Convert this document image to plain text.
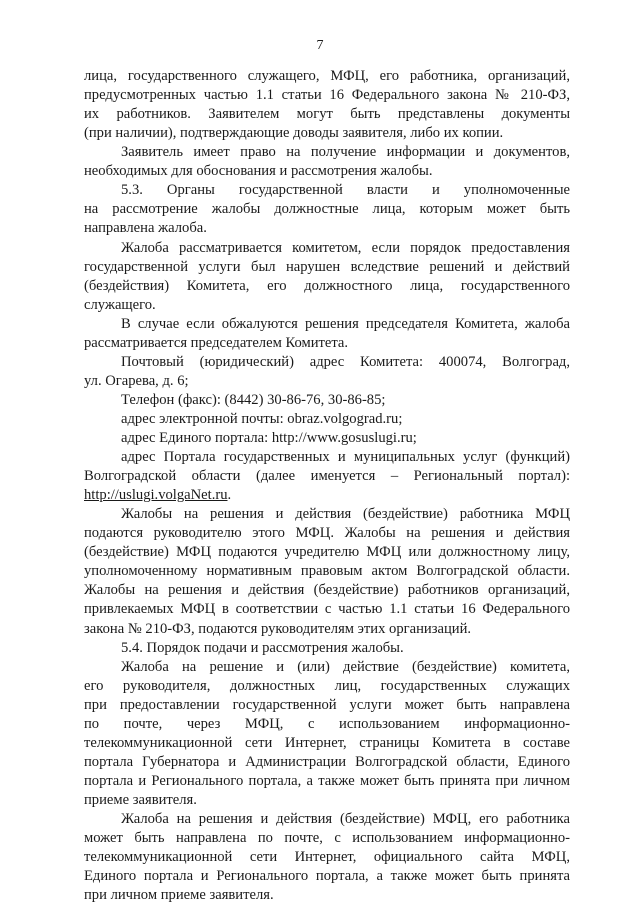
7
лица, государственного служащего, МФЦ, его работника, организаций,
предусмотренных частью 1.1 статьи 16 Федерального закона № 210-ФЗ,
их работников. Заявителем могут быть представлены документы
(при наличии), подтверждающие доводы заявителя, либо их копии.
Заявитель имеет право на получение информации и документов,
необходимых для обоснования и рассмотрения жалобы.
5.3. Органы государственной власти и уполномоченные
на рассмотрение жалобы должностные лица, которым может быть
направлена жалоба.
Жалоба рассматривается комитетом, если порядок предоставления
государственной услуги был нарушен вследствие решений и действий
(бездействия) Комитета, его должностного лица, государственного
служащего.
В случае если обжалуются решения председателя Комитета, жалоба
рассматривается председателем Комитета.
Почтовый (юридический) адрес Комитета: 400074, Волгоград,
ул. Огарева, д. 6;
Телефон (факс): (8442) 30-86-76, 30-86-85;
адрес электронной почты: obraz.volgograd.ru;
адрес Единого портала: http://www.gosuslugi.ru;
адрес Портала государственных и муниципальных услуг (функций)
Волгоградской области (далее именуется – Региональный портал):
http://uslugi.volgaNet.ru.
Жалобы на решения и действия (бездействие) работника МФЦ
подаются руководителю этого МФЦ. Жалобы на решения и действия
(бездействие) МФЦ подаются учредителю МФЦ или должностному лицу,
уполномоченному нормативным правовым актом Волгоградской области.
Жалобы на решения и действия (бездействие) работников организаций,
привлекаемых МФЦ в соответствии с частью 1.1 статьи 16 Федерального
закона № 210-ФЗ, подаются руководителям этих организаций.
5.4. Порядок подачи и рассмотрения жалобы.
Жалоба на решение и (или) действие (бездействие) комитета,
его руководителя, должностных лиц, государственных служащих
при предоставлении государственной услуги может быть направлена
по почте, через МФЦ, с использованием информационно-
телекоммуникационной сети Интернет, страницы Комитета в составе
портала Губернатора и Администрации Волгоградской области, Единого
портала и Регионального портала, а также может быть принята при личном
приеме заявителя.
Жалоба на решения и действия (бездействие) МФЦ, его работника
может быть направлена по почте, с использованием информационно-
телекоммуникационной сети Интернет, официального сайта МФЦ,
Единого портала и Регионального портала, а также может быть принята
при личном приеме заявителя.
